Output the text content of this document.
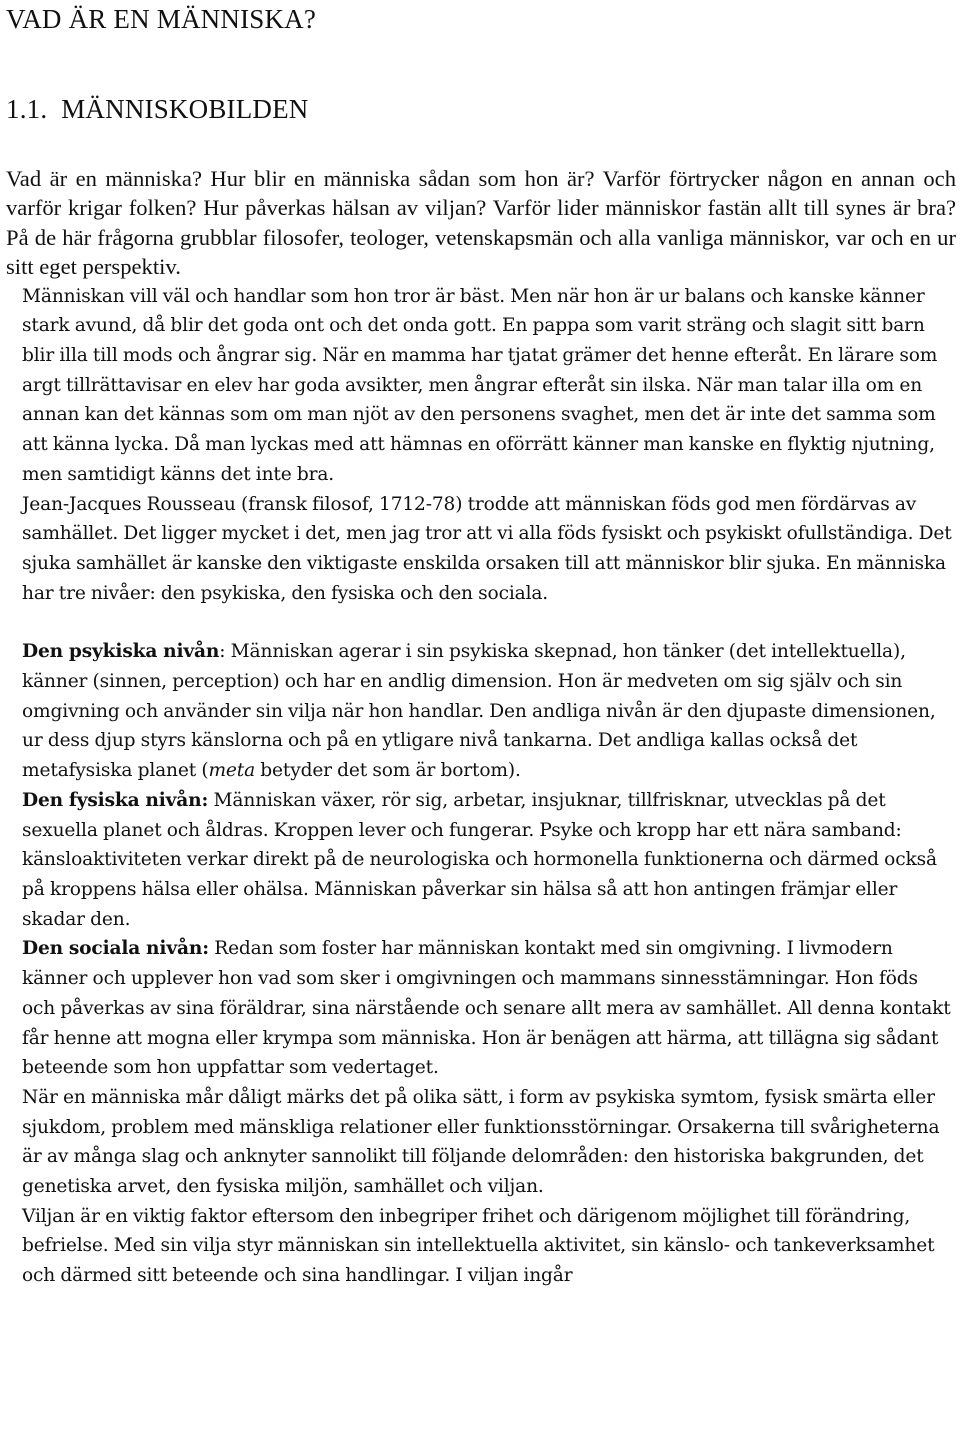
VAD ÄR EN MÄNNISKA?
1.1. MÄNNISKOBILDEN

Vad är en människa? Hur blir en människa sådan som hon är? Varför förtrycker någon en annan och varför krigar folken? Hur påverkas hälsan av viljan? Varför lider människor fastän allt till synes är bra? På de här frågorna grubblar filosofer, teologer, vetenskapsmän och alla vanliga människor, var och en ur sitt eget perspektiv.

Människan vill väl och handlar som hon tror är bäst. Men när hon är ur balans och kanske känner stark avund, då blir det goda ont och det onda gott. En pappa som varit sträng och slagit sitt barn blir illa till mods och ångrar sig. När en mamma har tjatat grämer det henne efteråt. En lärare som argt tillrättavisar en elev har goda avsikter, men ångrar efteråt sin ilska. När man talar illa om en annan kan det kännas som om man njöt av den personens svaghet, men det är inte det samma som att känna lycka. Då man lyckas med att hämnas en oförrätt känner man kanske en flyktig njutning, men samtidigt känns det inte bra.

Jean-Jacques Rousseau (fransk filosof, 1712-78) trodde att människan föds god men fördärvas av samhället. Det ligger mycket i det, men jag tror att vi alla föds fysiskt och psykiskt ofullständiga. Det sjuka samhället är kanske den viktigaste enskilda orsaken till att människor blir sjuka. En människa har tre nivåer: den psykiska, den fysiska och den sociala.

Den psykiska nivån: Människan agerar i sin psykiska skepnad, hon tänker (det intellektuella), känner (sinnen, perception) och har en andlig dimension. Hon är medveten om sig själv och sin omgivning och använder sin vilja när hon handlar. Den andliga nivån är den djupaste dimensionen, ur dess djup styrs känslorna och på en ytligare nivå tankarna. Det andliga kallas också det metafysiska planet (meta betyder det som är bortom).

Den fysiska nivån: Människan växer, rör sig, arbetar, insjuknar, tillfrisknar, utvecklas på det sexuella planet och åldras. Kroppen lever och fungerar. Psyke och kropp har ett nära samband: känsloaktiviteten verkar direkt på de neurologiska och hormonella funktionerna och därmed också på kroppens hälsa eller ohälsa. Människan påverkar sin hälsa så att hon antingen främjar eller skadar den.

Den sociala nivån: Redan som foster har människan kontakt med sin omgivning. I livmodern känner och upplever hon vad som sker i omgivningen och mammans sinnesstämningar. Hon föds och påverkas av sina föräldrar, sina närstående och senare allt mera av samhället. All denna kontakt får henne att mogna eller krympa som människa. Hon är benägen att härma, att tillägna sig sådant beteende som hon uppfattar som vedertaget.

När en människa mår dåligt märks det på olika sätt, i form av psykiska symtom, fysisk smärta eller sjukdom, problem med mänskliga relationer eller funktionsstörningar. Orsakerna till svårigheterna är av många slag och anknyter sannolikt till följande delområden: den historiska bakgrunden, det genetiska arvet, den fysiska miljön, samhället och viljan.

Viljan är en viktig faktor eftersom den inbegriper frihet och därigenom möjlighet till förändring, befrielse. Med sin vilja styr människan sin intellektuella aktivitet, sin känslo- och tankeverksamhet och därmed sitt beteende och sina handlingar. I viljan ingår
